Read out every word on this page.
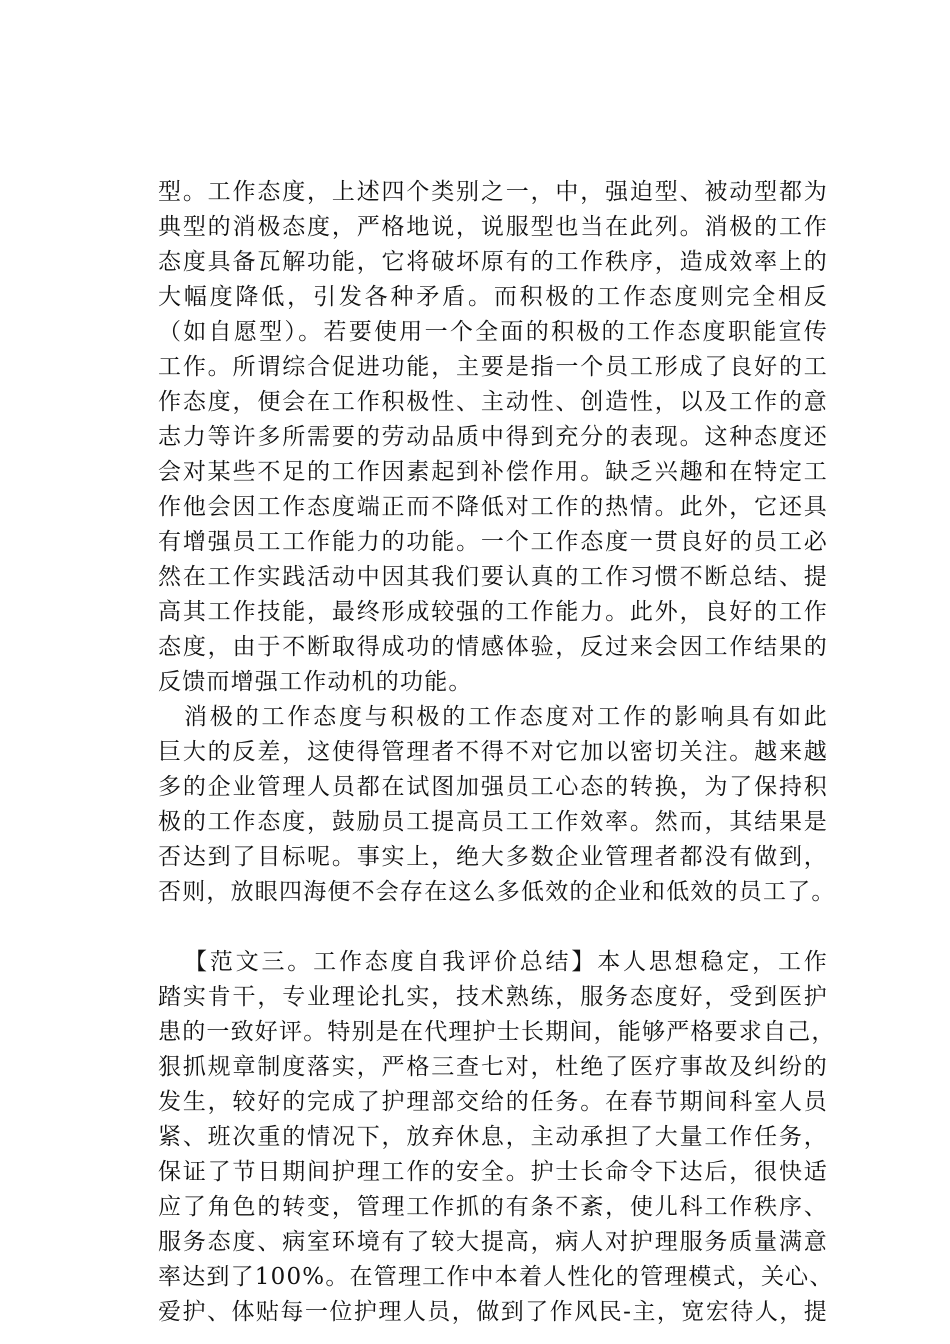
型。工作态度，上述四个类别之一，中，强迫型、被动型都为
典型的消极态度，严格地说，说服型也当在此列。消极的工作
态度具备瓦解功能，它将破坏原有的工作秩序，造成效率上的
大幅度降低，引发各种矛盾。而积极的工作态度则完全相反
（如自愿型）。若要使用一个全面的积极的工作态度职能宣传
工作。所谓综合促进功能，主要是指一个员工形成了良好的工
作态度，便会在工作积极性、主动性、创造性，以及工作的意
志力等许多所需要的劳动品质中得到充分的表现。这种态度还
会对某些不足的工作因素起到补偿作用。缺乏兴趣和在特定工
作他会因工作态度端正而不降低对工作的热情。此外，它还具
有增强员工工作能力的功能。一个工作态度一贯良好的员工必
然在工作实践活动中因其我们要认真的工作习惯不断总结、提
高其工作技能，最终形成较强的工作能力。此外，良好的工作
态度，由于不断取得成功的情感体验，反过来会因工作结果的
反馈而增强工作动机的功能。
消极的工作态度与积极的工作态度对工作的影响具有如此
巨大的反差，这使得管理者不得不对它加以密切关注。越来越
多的企业管理人员都在试图加强员工心态的转换，为了保持积
极的工作态度，鼓励员工提高员工工作效率。然而，其结果是
否达到了目标呢。事实上，绝大多数企业管理者都没有做到，
否则，放眼四海便不会存在这么多低效的企业和低效的员工了。
【范文三。工作态度自我评价总结】本人思想稳定，工作
踏实肯干，专业理论扎实，技术熟练，服务态度好，受到医护
患的一致好评。特别是在代理护士长期间，能够严格要求自己，
狠抓规章制度落实，严格三查七对，杜绝了医疗事故及纠纷的
发生，较好的完成了护理部交给的任务。在春节期间科室人员
紧、班次重的情况下，放弃休息，主动承担了大量工作任务，
保证了节日期间护理工作的安全。护士长命令下达后，很快适
应了角色的转变，管理工作抓的有条不紊，使儿科工作秩序、
服务态度、病室环境有了较大提高，病人对护理服务质量满意
率达到了100%。在管理工作中本着人性化的管理模式，关心、
爱护、体贴每一位护理人员，做到了作风民-主，宽宏待人，提
